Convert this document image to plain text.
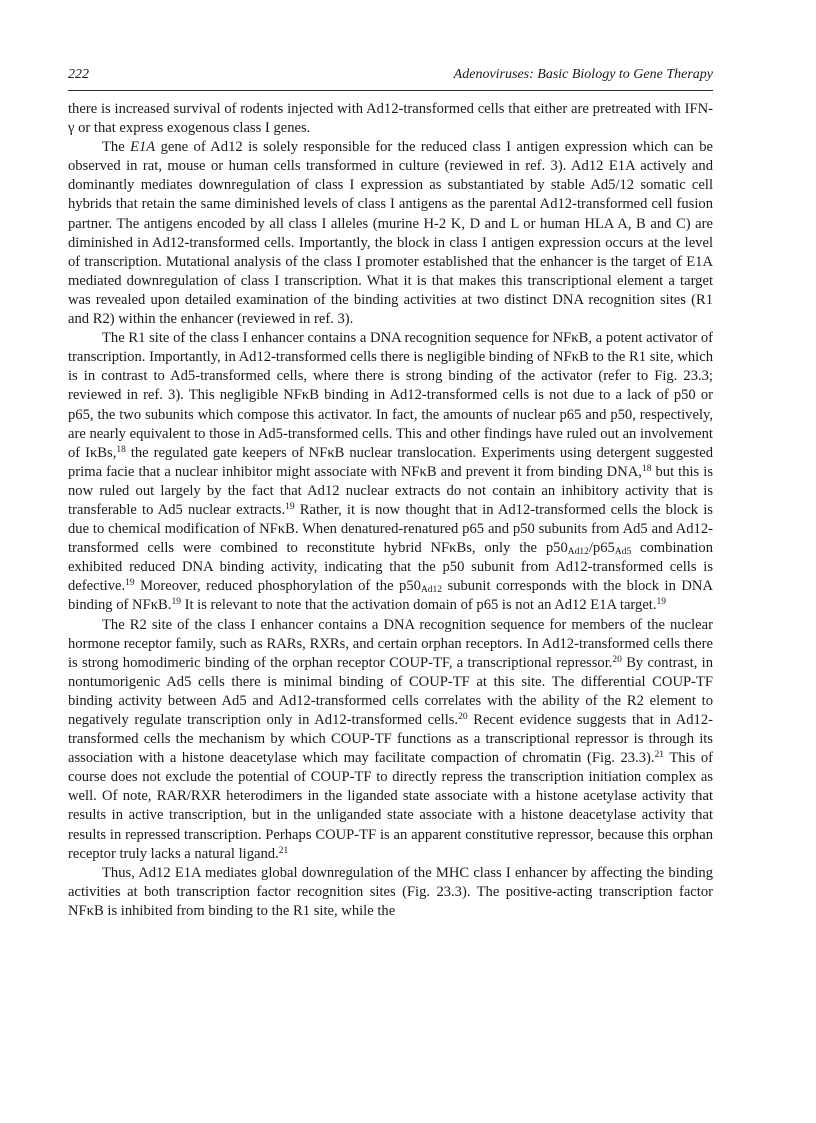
222	Adenoviruses: Basic Biology to Gene Therapy

there is increased survival of rodents injected with Ad12-transformed cells that either are pretreated with IFN-γ or that express exogenous class I genes.

The E1A gene of Ad12 is solely responsible for the reduced class I antigen expression which can be observed in rat, mouse or human cells transformed in culture (reviewed in ref. 3). Ad12 E1A actively and dominantly mediates downregulation of class I expression as substantiated by stable Ad5/12 somatic cell hybrids that retain the same diminished levels of class I antigens as the parental Ad12-transformed cell fusion partner. The antigens encoded by all class I alleles (murine H-2 K, D and L or human HLA A, B and C) are diminished in Ad12-transformed cells. Importantly, the block in class I antigen expression occurs at the level of transcription. Mutational analysis of the class I promoter established that the enhancer is the target of E1A mediated downregulation of class I transcription. What it is that makes this transcriptional element a target was revealed upon detailed examination of the binding activities at two distinct DNA recognition sites (R1 and R2) within the enhancer (reviewed in ref. 3).

The R1 site of the class I enhancer contains a DNA recognition sequence for NFκB, a potent activator of transcription. Importantly, in Ad12-transformed cells there is negligible binding of NFκB to the R1 site, which is in contrast to Ad5-transformed cells, where there is strong binding of the activator (refer to Fig. 23.3; reviewed in ref. 3). This negligible NFκB binding in Ad12-transformed cells is not due to a lack of p50 or p65, the two subunits which compose this activator. In fact, the amounts of nuclear p65 and p50, respectively, are nearly equivalent to those in Ad5-transformed cells. This and other findings have ruled out an involvement of IκBs,$^{18}$ the regulated gate keepers of NFκB nuclear translocation. Experiments using detergent suggested prima facie that a nuclear inhibitor might associate with NFκB and prevent it from binding DNA,$^{18}$ but this is now ruled out largely by the fact that Ad12 nuclear extracts do not contain an inhibitory activity that is transferable to Ad5 nuclear extracts.$^{19}$ Rather, it is now thought that in Ad12-transformed cells the block is due to chemical modification of NFκB. When denatured-renatured p65 and p50 subunits from Ad5 and Ad12-transformed cells were combined to reconstitute hybrid NFκBs, only the $p50_{Ad12}/p65_{Ad5}$ combination exhibited reduced DNA binding activity, indicating that the p50 subunit from Ad12-transformed cells is defective.$^{19}$ Moreover, reduced phosphorylation of the $p50_{Ad12}$ subunit corresponds with the block in DNA binding of NFκB.$^{19}$ It is relevant to note that the activation domain of p65 is not an Ad12 E1A target.$^{19}$

The R2 site of the class I enhancer contains a DNA recognition sequence for members of the nuclear hormone receptor family, such as RARs, RXRs, and certain orphan receptors. In Ad12-transformed cells there is strong homodimeric binding of the orphan receptor COUP-TF, a transcriptional repressor.$^{20}$ By contrast, in nontumorigenic Ad5 cells there is minimal binding of COUP-TF at this site. The differential COUP-TF binding activity between Ad5 and Ad12-transformed cells correlates with the ability of the R2 element to negatively regulate transcription only in Ad12-transformed cells.$^{20}$ Recent evidence suggests that in Ad12-transformed cells the mechanism by which COUP-TF functions as a transcriptional repressor is through its association with a histone deacetylase which may facilitate compaction of chromatin (Fig. 23.3).$^{21}$ This of course does not exclude the potential of COUP-TF to directly repress the transcription initiation complex as well. Of note, RAR/RXR heterodimers in the liganded state associate with a histone acetylase activity that results in active transcription, but in the unliganded state associate with a histone deacetylase activity that results in repressed transcription. Perhaps COUP-TF is an apparent constitutive repressor, because this orphan receptor truly lacks a natural ligand.$^{21}$

Thus, Ad12 E1A mediates global downregulation of the MHC class I enhancer by affecting the binding activities at both transcription factor recognition sites (Fig. 23.3). The positive-acting transcription factor NFκB is inhibited from binding to the R1 site, while the
